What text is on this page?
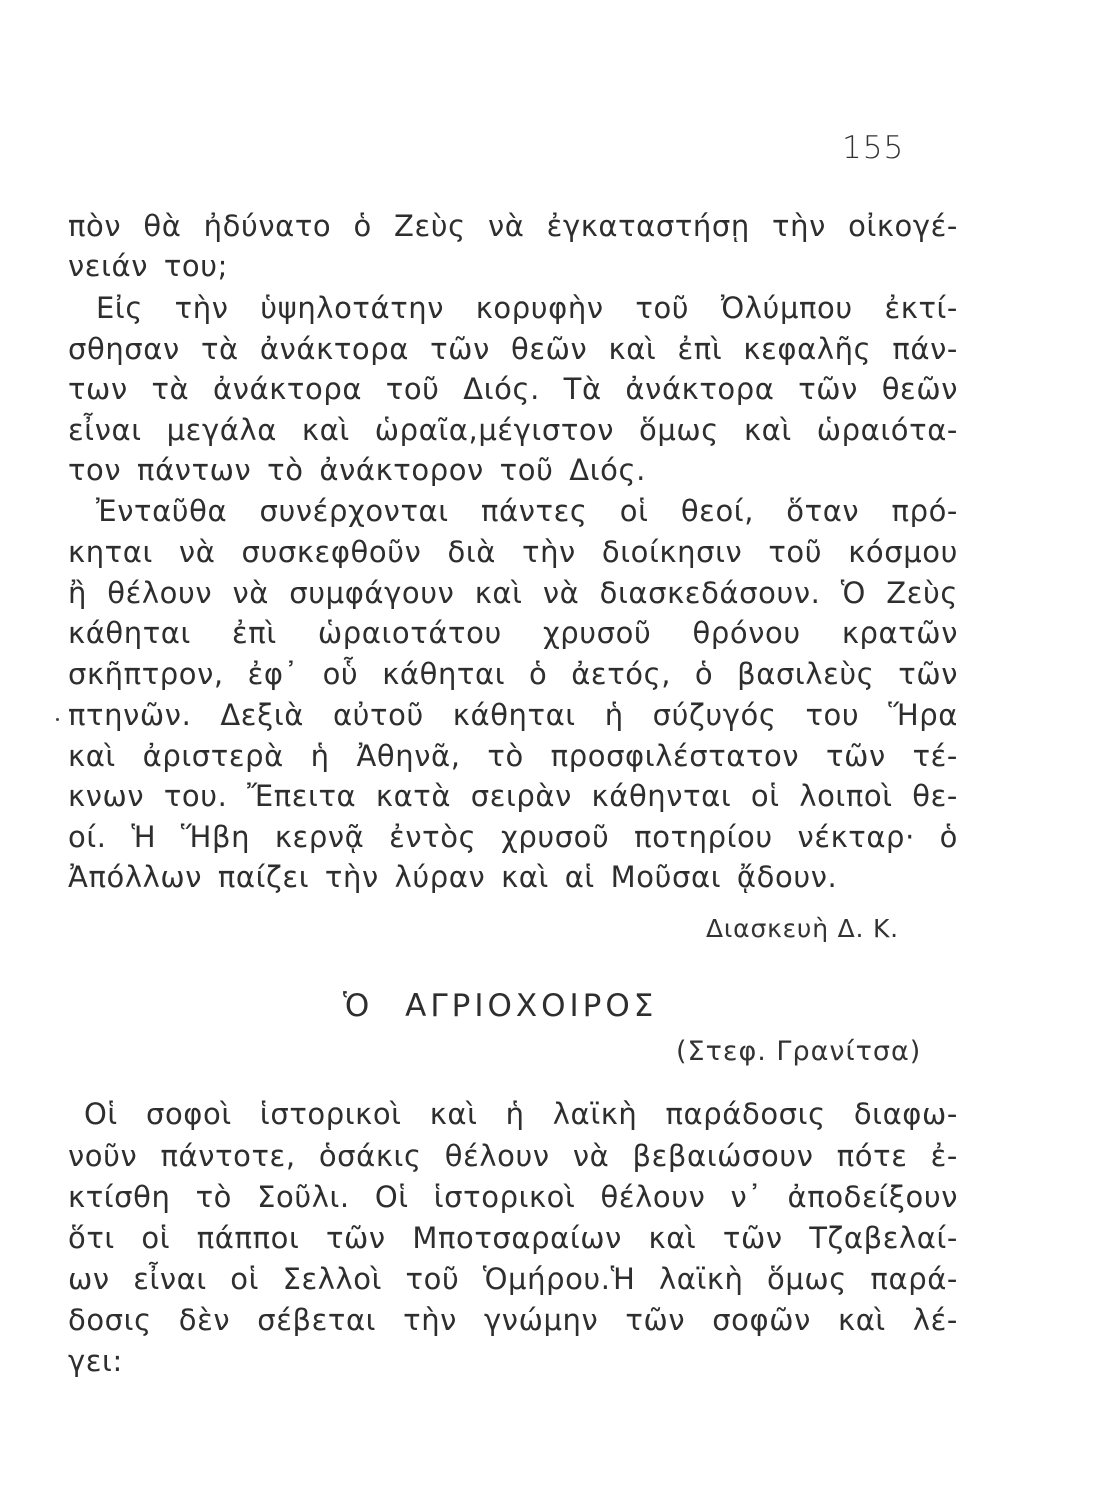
155
πὸν θὰ ἠδύνατο ὁ Ζεὺς νὰ ἐγκαταστήσῃ τὴν οἰκογέ-
νειάν του;
Εἰς τὴν ὑψηλοτάτην κορυφὴν τοῦ Ὀλύμπου ἐκτί-
σθησαν τὰ ἀνάκτορα τῶν θεῶν καὶ ἐπὶ κεφαλῆς πάν-
των τὰ ἀνάκτορα τοῦ Διός. Τὰ ἀνάκτορα τῶν θεῶν
εἶναι μεγάλα καὶ ὡραῖα,μέγιστον ὅμως καὶ ὡραιότα-
τον πάντων τὸ ἀνάκτορον τοῦ Διός.
Ἐνταῦθα συνέρχονται πάντες οἱ θεοί, ὅταν πρό-
κηται νὰ συσκεφθοῦν διὰ τὴν διοίκησιν τοῦ κόσμου
ἢ θέλουν νὰ συμφάγουν καὶ νὰ διασκεδάσουν. Ὁ Ζεὺς
κάθηται ἐπὶ ὡραιοτάτου χρυσοῦ θρόνου κρατῶν
σκῆπτρον, ἐφ᾽ οὗ κάθηται ὁ ἀετός, ὁ βασιλεὺς τῶν
πτηνῶν. Δεξιὰ αὐτοῦ κάθηται ἡ σύζυγός του Ἥρα
καὶ ἀριστερὰ ἡ Ἀθηνᾶ, τὸ προσφιλέστατον τῶν τέ-
κνων του. Ἔπειτα κατὰ σειρὰν κάθηνται οἱ λοιποὶ θε-
οί. Ἡ Ἥβη κερνᾷ ἐντὸς χρυσοῦ ποτηρίου νέκταρ· ὁ
Ἀπόλλων παίζει τὴν λύραν καὶ αἱ Μοῦσαι ᾄδουν.
Διασκευὴ Δ. Κ.
Ὁ ΑΓΡΙΟΧΟΙΡΟΣ
(Στεφ. Γρανίτσα)
Οἱ σοφοὶ ἱστορικοὶ καὶ ἡ λαϊκὴ παράδοσις διαφω-
νοῦν πάντοτε, ὁσάκις θέλουν νὰ βεβαιώσουν πότε ἐ-
κτίσθη τὸ Σοῦλι. Οἱ ἱστορικοὶ θέλουν ν᾽ ἀποδείξουν
ὅτι οἱ πάπποι τῶν Μποτσαραίων καὶ τῶν Τζαβελαί-
ων εἶναι οἱ Σελλοὶ τοῦ Ὁμήρου.Ἡ λαϊκὴ ὅμως παρά-
δοσις δὲν σέβεται τὴν γνώμην τῶν σοφῶν καὶ λέ-
γει:
